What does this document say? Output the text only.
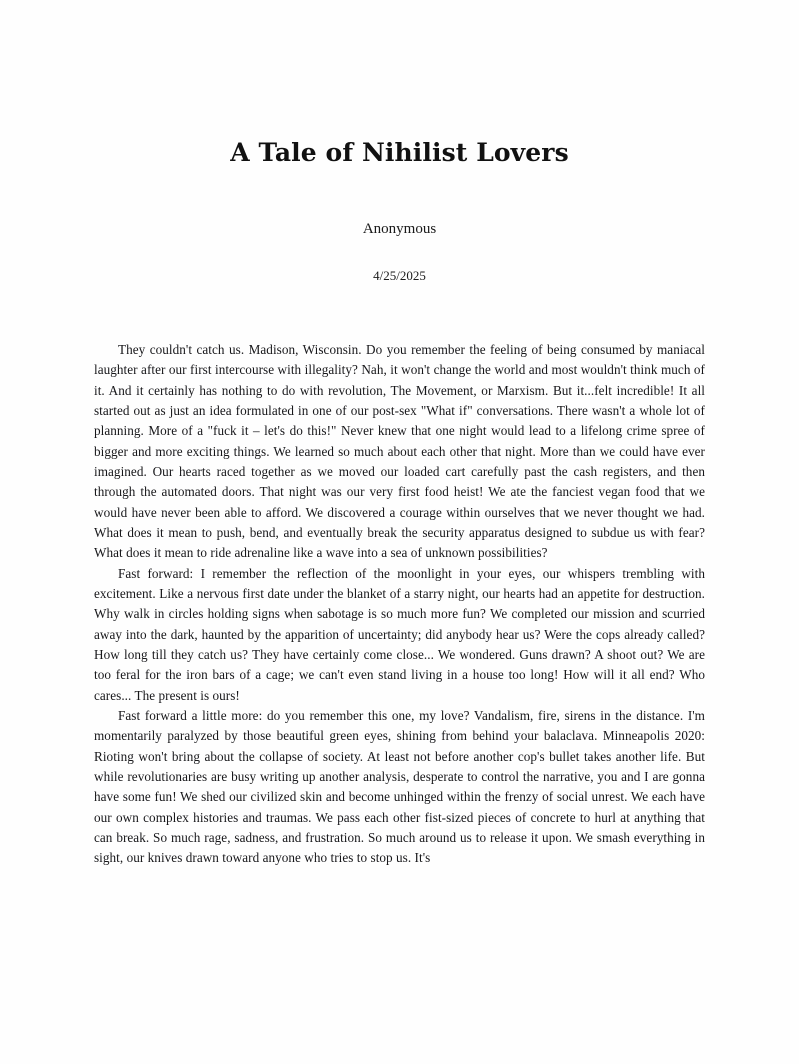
A Tale of Nihilist Lovers
Anonymous
4/25/2025

They couldn't catch us. Madison, Wisconsin. Do you remember the feeling of being consumed by maniacal laughter after our first intercourse with illegality? Nah, it won't change the world and most wouldn't think much of it. And it certainly has nothing to do with revolution, The Movement, or Marxism. But it...felt incredible! It all started out as just an idea formulated in one of our post-sex "What if" conversations. There wasn't a whole lot of planning. More of a "fuck it – let's do this!" Never knew that one night would lead to a lifelong crime spree of bigger and more exciting things. We learned so much about each other that night. More than we could have ever imagined. Our hearts raced together as we moved our loaded cart carefully past the cash registers, and then through the automated doors. That night was our very first food heist! We ate the fanciest vegan food that we would have never been able to afford. We discovered a courage within ourselves that we never thought we had. What does it mean to push, bend, and eventually break the security apparatus designed to subdue us with fear? What does it mean to ride adrenaline like a wave into a sea of unknown possibilities?

Fast forward: I remember the reflection of the moonlight in your eyes, our whispers trembling with excitement. Like a nervous first date under the blanket of a starry night, our hearts had an appetite for destruction. Why walk in circles holding signs when sabotage is so much more fun? We completed our mission and scurried away into the dark, haunted by the apparition of uncertainty; did anybody hear us? Were the cops already called? How long till they catch us? They have certainly come close... We wondered. Guns drawn? A shoot out? We are too feral for the iron bars of a cage; we can't even stand living in a house too long! How will it all end? Who cares... The present is ours!

Fast forward a little more: do you remember this one, my love? Vandalism, fire, sirens in the distance. I'm momentarily paralyzed by those beautiful green eyes, shining from behind your balaclava. Minneapolis 2020: Rioting won't bring about the collapse of society. At least not before another cop's bullet takes another life. But while revolutionaries are busy writing up another analysis, desperate to control the narrative, you and I are gonna have some fun! We shed our civilized skin and become unhinged within the frenzy of social unrest. We each have our own complex histories and traumas. We pass each other fist-sized pieces of concrete to hurl at anything that can break. So much rage, sadness, and frustration. So much around us to release it upon. We smash everything in sight, our knives drawn toward anyone who tries to stop us. It's
